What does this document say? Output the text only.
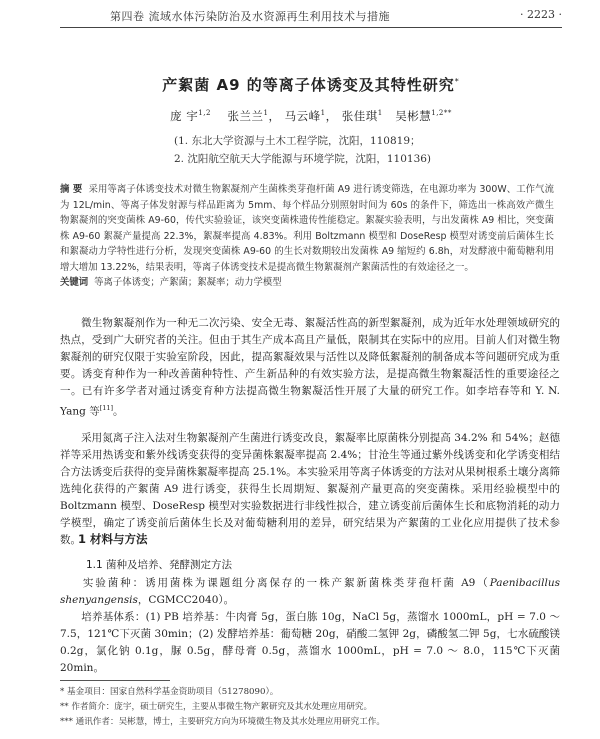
第四卷 流域水体污染防治及水资源再生利用技术与措施	· 2223 ·
产絮菌 A9 的等离子体诱变及其特性研究*
庞 宇$^{1,2}$ 张兰兰$^1$， 马云峰$^1$， 张佳琪$^1$ 吴彬慧$^{1,2**}$
(1. 东北大学资源与土木工程学院，沈阳，110819；
2. 沈阳航空航天大学能源与环境学院，沈阳，110136)
摘 要 采用等离子体诱变技术对微生物絮凝剂产生菌株类芽孢杆菌 A9 进行诱变筛选，在电源功率为 300W、工作气流为 12L/min、等离子体发射源与样品距离为 5mm、每个样品分别照射时间为 60s 的条件下，筛选出一株高效产微生物絮凝剂的突变菌株 A9-60，传代实验验证，该突变菌株遗传性能稳定。絮凝实验表明，与出发菌株 A9 相比，突变菌株 A9-60 絮凝产量提高 22.3%，絮凝率提高 4.83%。利用 Boltzmann 模型和 DoseResp 模型对诱变前后菌体生长和絮凝动力学特性进行分析，发现突变菌株 A9-60 的生长对数期较出发菌株 A9 缩短约 6.8h，对发酵液中葡萄糖利用增大增加 13.22%，结果表明，等离子体诱变技术是提高微生物絮凝剂产絮菌活性的有效途径之一。
关键词 等离子体诱变；产絮菌；絮凝率；动力学模型
  微生物絮凝剂作为一种无二次污染、安全无毒、絮凝活性高的新型絮凝剂，成为近年水处理领域研究的热点，受到广大研究者的关注。但由于其生产成本高且产量低，限制其在实际中的应用。目前人们对微生物絮凝剂的研究仅限于实验室阶段，因此，提高絮凝效果与活性以及降低絮凝剂的制备成本等问题研究成为重要。诱变育种作为一种改善菌种特性、产生新品种的有效实验方法，是提高微生物絮凝活性的重要途径之一。已有许多学者对通过诱变育种方法提高微生物絮凝活性开展了大量的研究工作。如李培春等和 Y. N. Yang 等[11]。
  采用氮离子注入法对生物絮凝剂产生菌进行诱变改良，絮凝率比原菌株分别提高 34.2% 和 54%；赵德祥等采用热诱变和紫外线诱变获得的变异菌株絮凝率提高 2.4%；甘沧生等通过紫外线诱变和化学诱变相结合方法诱变后获得的变异菌株絮凝率提高 25.1%。本实验采用等离子体诱变的方法对从果树根系土壤分离筛选纯化获得的产絮菌 A9 进行诱变，获得生长周期短、絮凝剂产量更高的突变菌株。采用经验模型中的 Boltzmann 模型、DoseResp 模型对实验数据进行非线性拟合，建立诱变前后菌体生长和底物消耗的动力学模型，确定了诱变前后菌体生长及对葡萄糖利用的差异，研究结果为产絮菌的工业化应用提供了技术参数。
1 材料与方法
1.1 菌种及培养、発酵测定方法
  实验菌种：诱用菌株为课题组分离保存的一株产絮新菌株类芽孢杆菌 A9（Paenibacillus shenyangensis，CGMCC2040）。
  培养基体系：(1) PB 培养基：牛肉膏 5g，蛋白胨 10g，NaCl 5g，蒸馏水 1000mL，pH = 7.0 ～7.5，121℃下灭菌 30min；(2) 发酵培养基：葡萄糖 20g，硝酸二氢钾 2g，磷酸氢二钾 5g，七水硫酸镁 0.2g，氯化钠 0.1g，脲 0.5g，酵母膏 0.5g，蒸馏水 1000mL，pH = 7.0 ～ 8.0，115℃下灭菌 20min。
* 基金项目：国家自然科学基金资助项目（51278090）。
** 作者简介：庞宇，硕士研究生，主要从事微生物产絮研究及其水处理应用研究。
*** 通讯作者：吴彬慧，博士，主要研究方向为环境微生物及其水处理应用研究工作。
